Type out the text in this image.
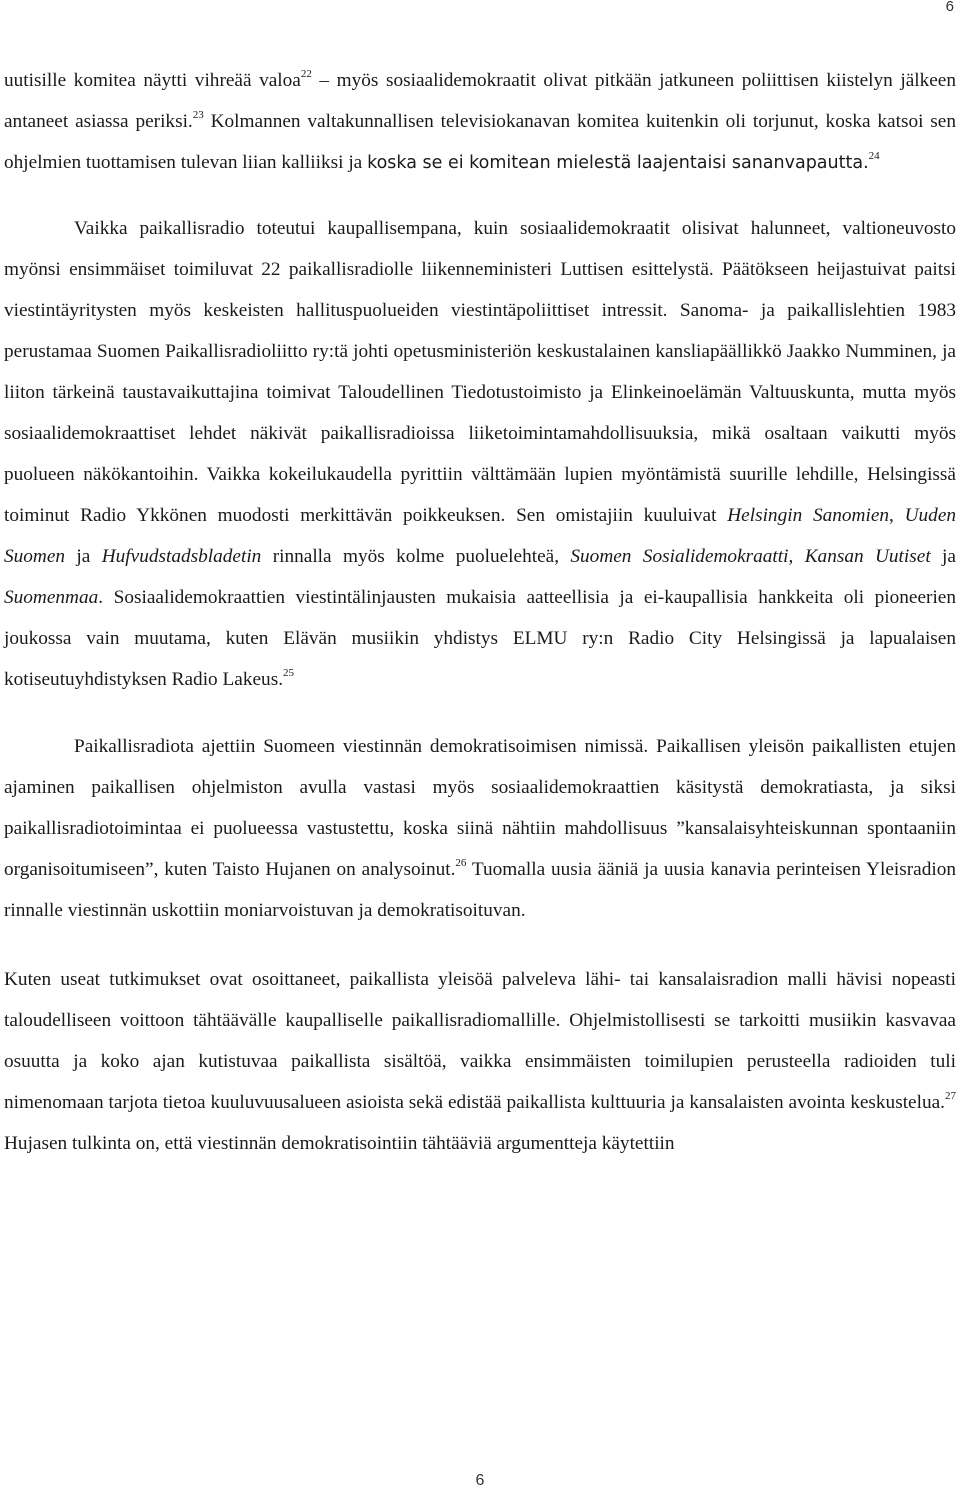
6

uutisille komitea näytti vihreää valoa$^{22}$ – myös sosiaalidemokraatit olivat pitkään jatkuneen poliittisen kiistelyn jälkeen antaneet asiassa periksi.$^{23}$ Kolmannen valtakunnallisen televisiokanavan komitea kuitenkin oli torjunut, koska katsoi sen ohjelmien tuottamisen tulevan liian kalliiksi ja koska se ei komitean mielestä laajentaisi sananvapautta.$^{24}$

Vaikka paikallisradio toteutui kaupallisempana, kuin sosiaalidemokraatit olisivat halunneet, valtioneuvosto myönsi ensimmäiset toimiluvat 22 paikallisradiolle liikenneministeri Luttisen esittelystä. Päätökseen heijastuivat paitsi viestintäyritysten myös keskeisten hallituspuolueiden viestintäpoliittiset intressit. Sanoma- ja paikallislehtien 1983 perustamaa Suomen Paikallisradioliitto ry:tä johti opetusministeriön keskustalainen kansliapäällikkö Jaakko Numminen, ja liiton tärkeinä taustavaikuttajina toimivat Taloudellinen Tiedotustoimisto ja Elinkeinoelämän Valtuuskunta, mutta myös sosiaalidemokraattiset lehdet näkivät paikallisradioissa liiketoimintamahdollisuuksia, mikä osaltaan vaikutti myös puolueen näkökantoihin. Vaikka kokeilukaudella pyrittiin välttämään lupien myöntämistä suurille lehdille, Helsingissä toiminut Radio Ykkönen muodosti merkittävän poikkeuksen. Sen omistajiin kuuluivat Helsingin Sanomien, Uuden Suomen ja Hufvudstadsbladetin rinnalla myös kolme puoluelehteä, Suomen Sosialidemokraatti, Kansan Uutiset ja Suomenmaa. Sosiaalidemokraattien viestintälinjausten mukaisia aatteellisia ja ei-kaupallisia hankkeita oli pioneerien joukossa vain muutama, kuten Elävän musiikin yhdistys ELMU ry:n Radio City Helsingissä ja lapualaisen kotiseutuyhdistyksen Radio Lakeus.$^{25}$

Paikallisradiota ajettiin Suomeen viestinnän demokratisoimisen nimissä. Paikallisen yleisön paikallisten etujen ajaminen paikallisen ohjelmiston avulla vastasi myös sosiaalidemokraattien käsitystä demokratiasta, ja siksi paikallisradiotoimintaa ei puolueessa vastustettu, koska siinä nähtiin mahdollisuus ”kansalaisyhteiskunnan spontaaniin organisoitumiseen”, kuten Taisto Hujanen on analysoinut.$^{26}$ Tuomalla uusia ääniä ja uusia kanavia perinteisen Yleisradion rinnalle viestinnän uskottiin moniarvoistuvan ja demokratisoituvan.

Kuten useat tutkimukset ovat osoittaneet, paikallista yleisöä palveleva lähi- tai kansalaisradion malli hävisi nopeasti taloudelliseen voittoon tähtäävälle kaupalliselle paikallisradiomallille. Ohjelmistollisesti se tarkoitti musiikin kasvavaa osuutta ja koko ajan kutistuvaa paikallista sisältöä, vaikka ensimmäisten toimilupien perusteella radioiden tuli nimenomaan tarjota tietoa kuuluvuusalueen asioista sekä edistää paikallista kulttuuria ja kansalaisten avointa keskustelua.$^{27}$ Hujasen tulkinta on, että viestinnän demokratisointiin tähtääviä argumentteja käytettiin

6
